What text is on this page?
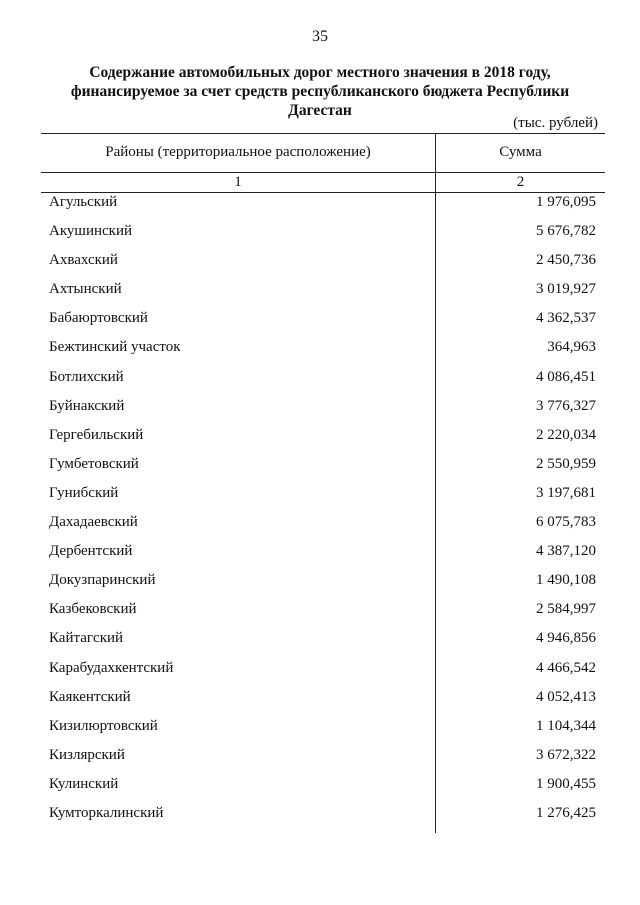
35
Содержание автомобильных дорог местного значения в 2018 году,
финансируемое за счет средств республиканского бюджета Республики
Дагестан
(тыс. рублей)
Районы (территориальное расположение)	Сумма
1	2
Агульский	1 976,095
Акушинский	5 676,782
Ахвахский	2 450,736
Ахтынский	3 019,927
Бабаюртовский	4 362,537
Бежтинский участок	364,963
Ботлихский	4 086,451
Буйнакский	3 776,327
Гергебильский	2 220,034
Гумбетовский	2 550,959
Гунибский	3 197,681
Дахадаевский	6 075,783
Дербентский	4 387,120
Докузпаринский	1 490,108
Казбековский	2 584,997
Кайтагский	4 946,856
Карабудахкентский	4 466,542
Каякентский	4 052,413
Кизилюртовский	1 104,344
Кизлярский	3 672,322
Кулинский	1 900,455
Кумторкалинский	1 276,425
